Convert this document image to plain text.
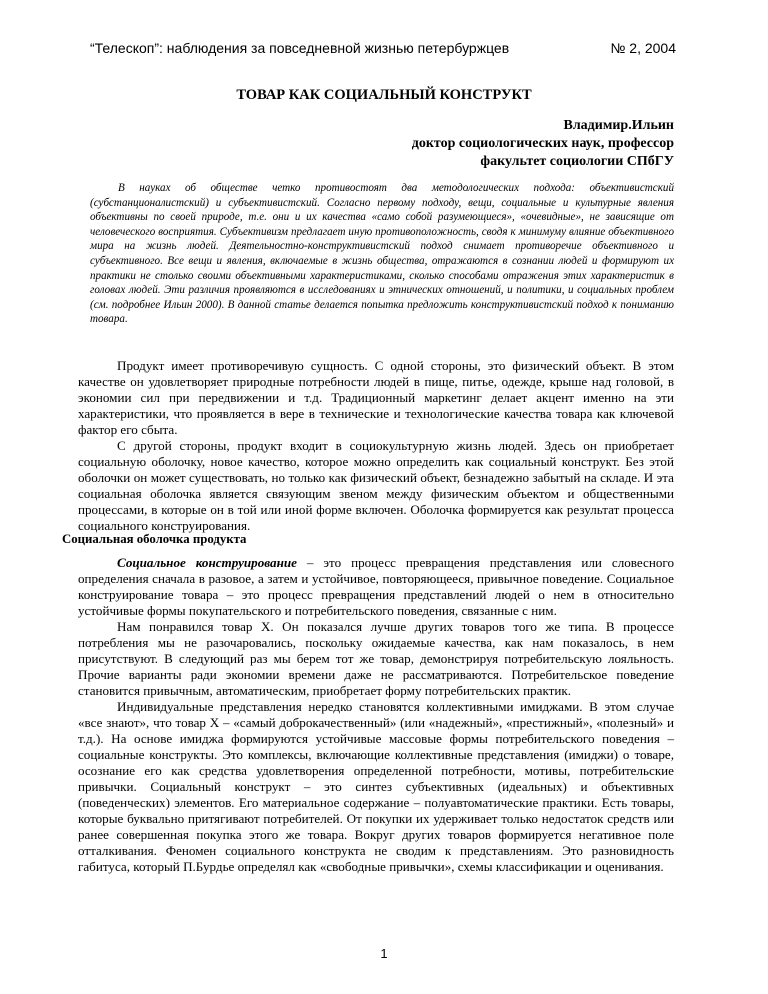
“Телескоп”: наблюдения за повседневной жизнью петербуржцев	№ 2, 2004
ТОВАР КАК СОЦИАЛЬНЫЙ КОНСТРУКТ
Владимир.Ильин
доктор социологических наук, профессор
факультет социологии СПбГУ

В науках об обществе четко противостоят два методологических подхода: объективистский (субстанционалистский) и субъективистский. Согласно первому подходу, вещи, социальные и культурные явления объективны по своей природе, т.е. они и их качества «само собой разумеющиеся», «очевидные», не зависящие от человеческого восприятия. Субъективизм предлагает иную противоположность, сводя к минимуму влияние объективного мира на жизнь людей. Деятельностно-конструктивистский подход снимает противоречие объективного и субъективного. Все вещи и явления, включаемые в жизнь общества, отражаются в сознании людей и формируют их практики не столько своими объективными характеристиками, сколько способами отражения этих характеристик в головах людей. Эти различия проявляются в исследованиях и этнических отношений, и политики, и социальных проблем (см. подробнее Ильин 2000). В данной статье делается попытка предложить конструктивистский подход к пониманию товара.

Продукт имеет противоречивую сущность. С одной стороны, это физический объект. В этом качестве он удовлетворяет природные потребности людей в пище, питье, одежде, крыше над головой, в экономии сил при передвижении и т.д. Традиционный маркетинг делает акцент именно на эти характеристики, что проявляется в вере в технические и технологические качества товара как ключевой фактор его сбыта.

С другой стороны, продукт входит в социокультурную жизнь людей. Здесь он приобретает социальную оболочку, новое качество, которое можно определить как социальный конструкт. Без этой оболочки он может существовать, но только как физический объект, безнадежно забытый на складе. И эта социальная оболочка является связующим звеном между физическим объектом и общественными процессами, в которые он в той или иной форме включен. Оболочка формируется как результат процесса социального конструирования.

Социальная оболочка продукта

Социальное конструирование – это процесс превращения представления или словесного определения сначала в разовое, а затем и устойчивое, повторяющееся, привычное поведение. Социальное конструирование товара – это процесс превращения представлений людей о нем в относительно устойчивые формы покупательского и потребительского поведения, связанные с ним.

Нам понравился товар Х. Он показался лучше других товаров того же типа. В процессе потребления мы не разочаровались, поскольку ожидаемые качества, как нам показалось, в нем присутствуют. В следующий раз мы берем тот же товар, демонстрируя потребительскую лояльность. Прочие варианты ради экономии времени даже не рассматриваются. Потребительское поведение становится привычным, автоматическим, приобретает форму потребительских практик.

Индивидуальные представления нередко становятся коллективными имиджами. В этом случае «все знают», что товар Х – «самый доброкачественный» (или «надежный», «престижный», «полезный» и т.д.). На основе имиджа формируются устойчивые массовые формы потребительского поведения – социальные конструкты. Это комплексы, включающие коллективные представления (имиджи) о товаре, осознание его как средства удовлетворения определенной потребности, мотивы, потребительские привычки. Социальный конструкт – это синтез субъективных (идеальных) и объективных (поведенческих) элементов. Его материальное содержание – полуавтоматические практики. Есть товары, которые буквально притягивают потребителей. От покупки их удерживает только недостаток средств или ранее совершенная покупка этого же товара. Вокруг других товаров формируется негативное поле отталкивания. Феномен социального конструкта не сводим к представлениям. Это разновидность габитуса, который П.Бурдье определял как «свободные привычки», схемы классификации и оценивания.

1
